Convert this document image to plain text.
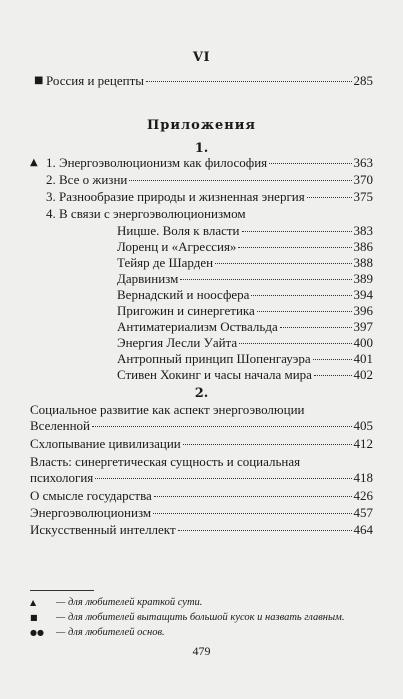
VI
■ Россия и рецепты	285
Приложения
1.
▲ 1. Энергоэволюционизм как философия	363
2. Все о жизни	370
3. Разнообразие природы и жизненная энергия	375
4. В связи с энергоэволюционизмом
Ницше. Воля к власти	383
Лоренц и «Агрессия»	386
Тейяр де Шарден	388
Дарвинизм	389
Вернадский и ноосфера	394
Пригожин и синергетика	396
Антиматериализм Оствальда	397
Энергия Лесли Уайта	400
Антропный принцип Шопенгауэра	401
Стивен Хокинг и часы начала мира	402
2.
Социальное развитие как аспект энергоэволюции
Вселенной	405
Схлопывание цивилизации	412
Власть: синергетическая сущность и социальная
психология	418
О смысле государства	426
Энергоэволюционизм	457
Искусственный интеллект	464
▲ — для любителей краткой сути.
■ — для любителей вытащить большой кусок и назвать главным.
●● — для любителей основ.
479
